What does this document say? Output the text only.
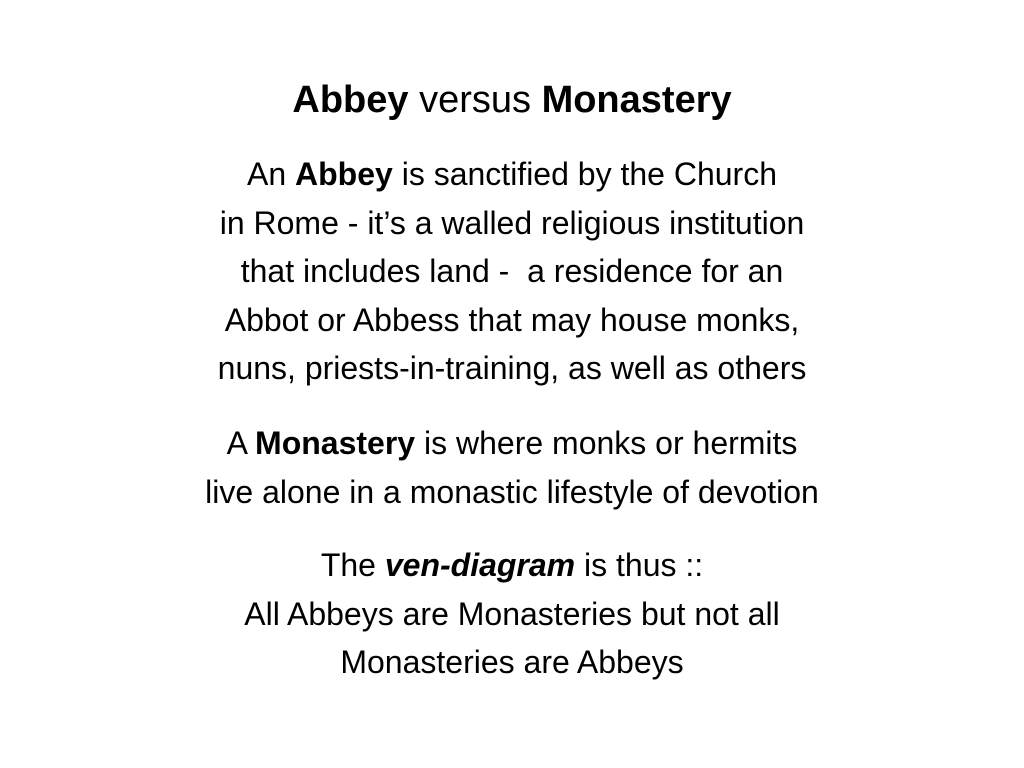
Abbey versus Monastery

An Abbey is sanctified by the Church
in Rome - it’s a walled religious institution
that includes land -  a residence for an
Abbot or Abbess that may house monks,
nuns, priests-in-training, as well as others

A Monastery is where monks or hermits
live alone in a monastic lifestyle of devotion

The ven-diagram is thus ::
All Abbeys are Monasteries but not all
Monasteries are Abbeys
